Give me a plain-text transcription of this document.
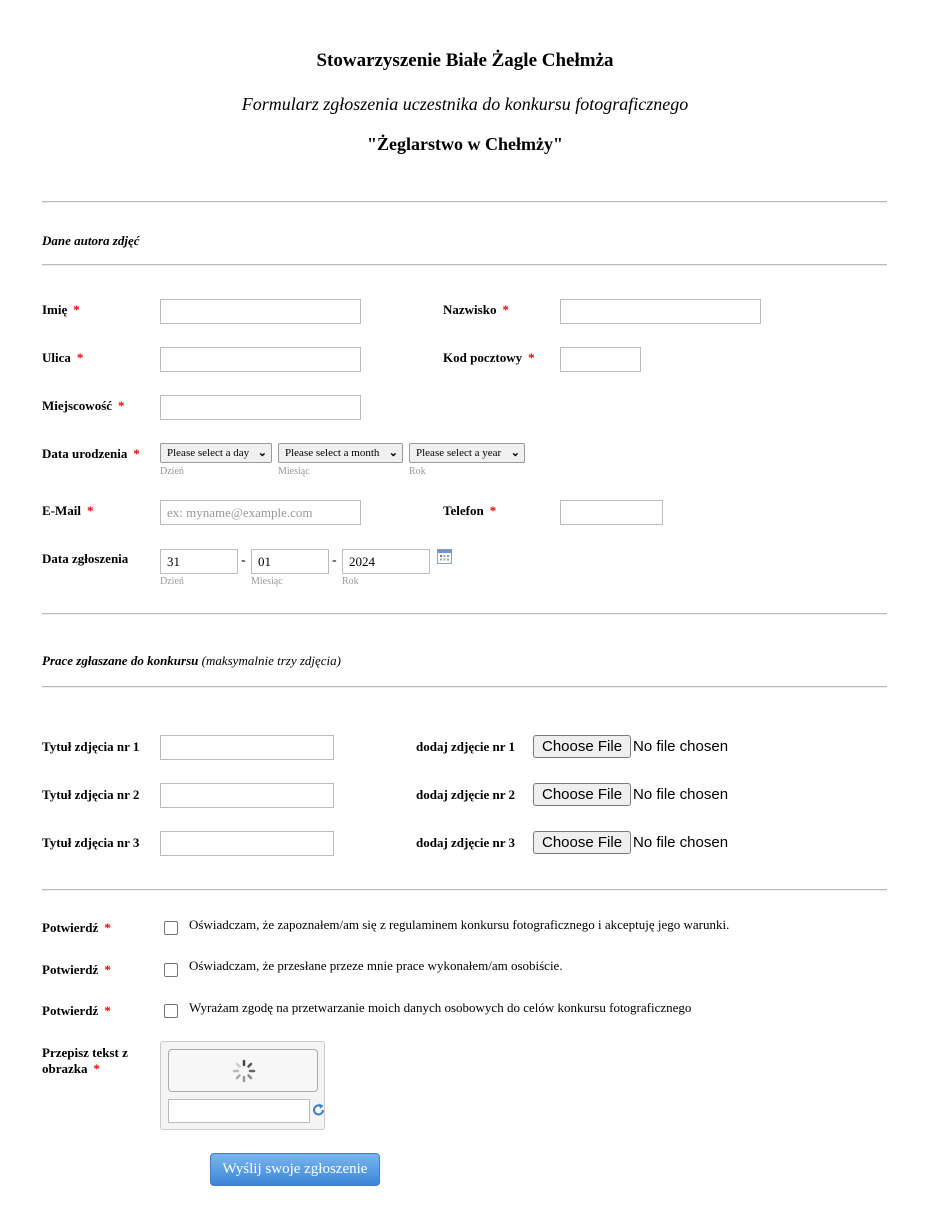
Stowarzyszenie Białe Żagle Chełmża
Formularz zgłoszenia uczestnika do konkursu fotograficznego
"Żeglarstwo w Chełmży"
Dane autora zdjęć
Imię *	Nazwisko *
Ulica *	Kod pocztowy *
Miejscowość *
Data urodzenia *	Please select a day ⌄	Please select a month ⌄	Please select a year ⌄
Dzień	Miesiąc	Rok
E-Mail *	ex: myname@example.com	Telefon *
Data zgłoszenia	31	- 01	- 2024
Dzień	Miesiąc	Rok
Prace zgłaszane do konkursu (maksymalnie trzy zdjęcia)
Tytuł zdjęcia nr 1	dodaj zdjęcie nr 1	Choose File No file chosen
Tytuł zdjęcia nr 2	dodaj zdjęcie nr 2	Choose File No file chosen
Tytuł zdjęcia nr 3	dodaj zdjęcie nr 3	Choose File No file chosen
Potwierdź *	Oświadczam, że zapoznałem/am się z regulaminem konkursu fotograficznego i akceptuję jego warunki.
Potwierdź *	Oświadczam, że przesłane przeze mnie prace wykonałem/am osobiście.
Potwierdź *	Wyrażam zgodę na przetwarzanie moich danych osobowych do celów konkursu fotograficznego
Przepisz tekst z
obrazka *
Wyślij swoje zgłoszenie
